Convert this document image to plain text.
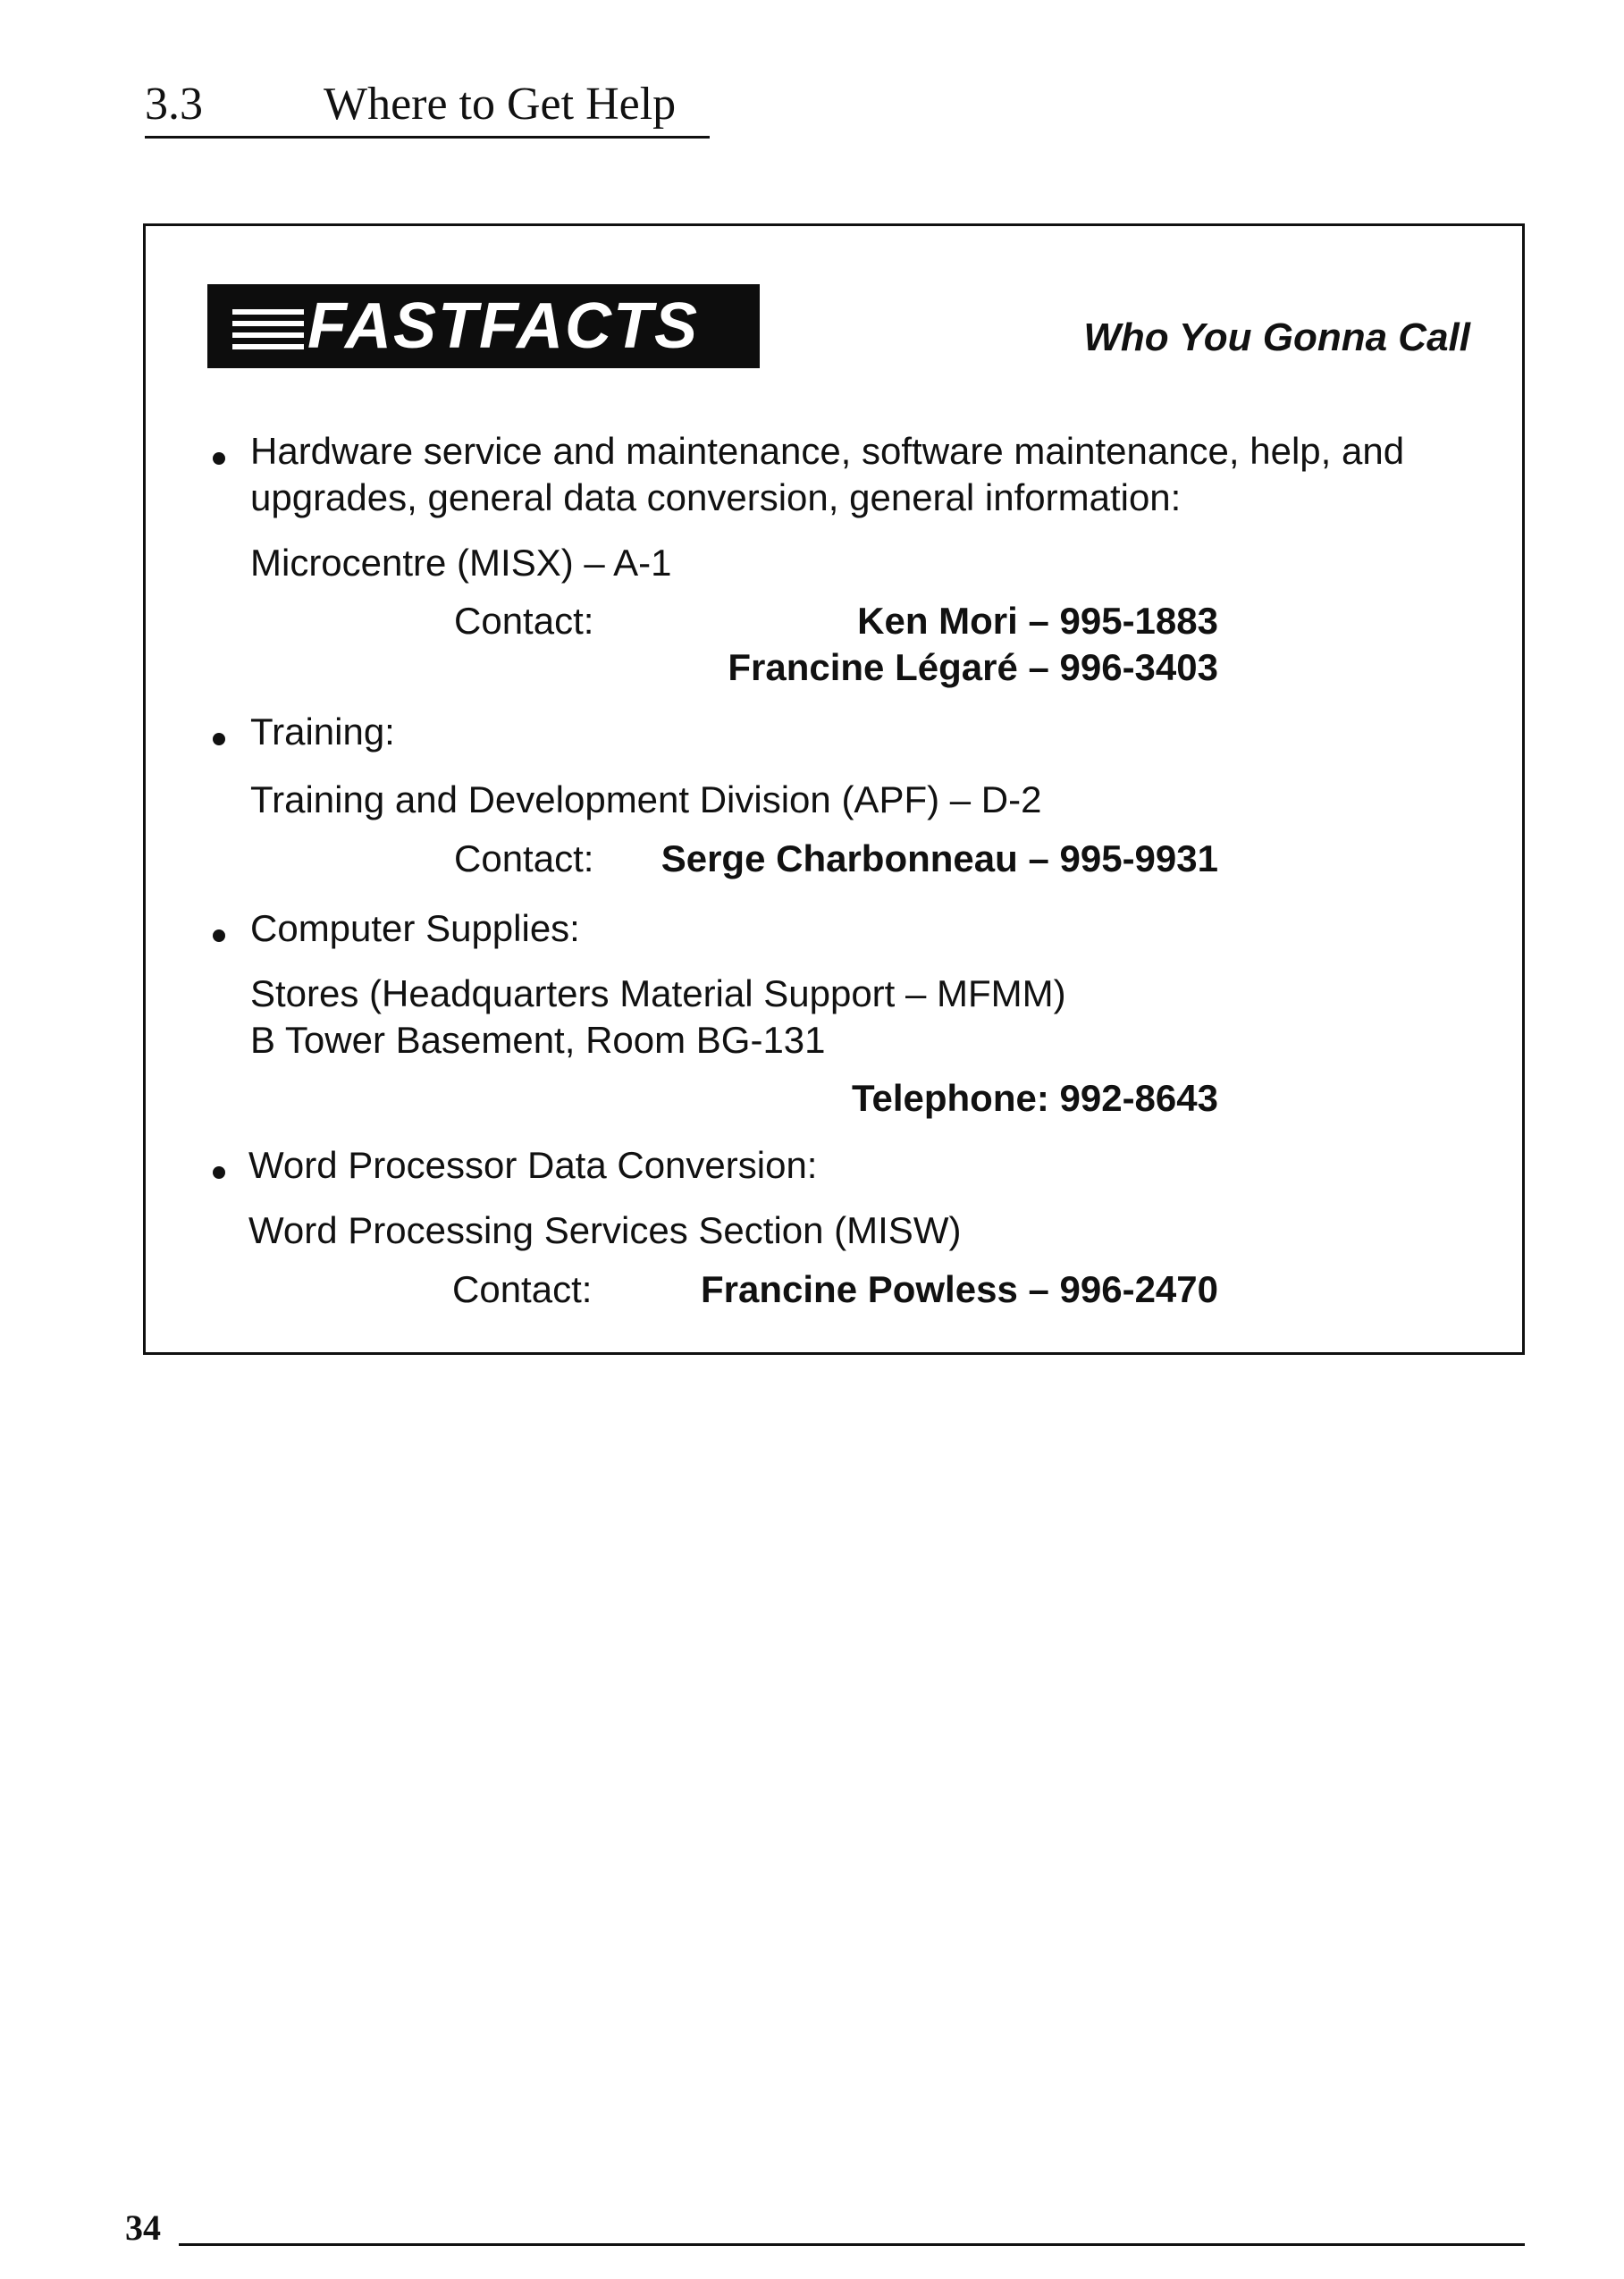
3.3	Where to Get Help
FASTFACTS	Who You Gonna Call
Hardware service and maintenance, software maintenance, help, and
upgrades, general data conversion, general information:
Microcentre (MISX) – A-1
Contact:	Ken Mori – 995-1883
Francine Légaré – 996-3403
Training:
Training and Development Division (APF) – D-2
Contact: Serge Charbonneau – 995-9931
Computer Supplies:
Stores (Headquarters Material Support – MFMM)
B Tower Basement, Room BG-131
Telephone: 992-8643
Word Processor Data Conversion:
Word Processing Services Section (MISW)
Contact:	Francine Powless – 996-2470
34
